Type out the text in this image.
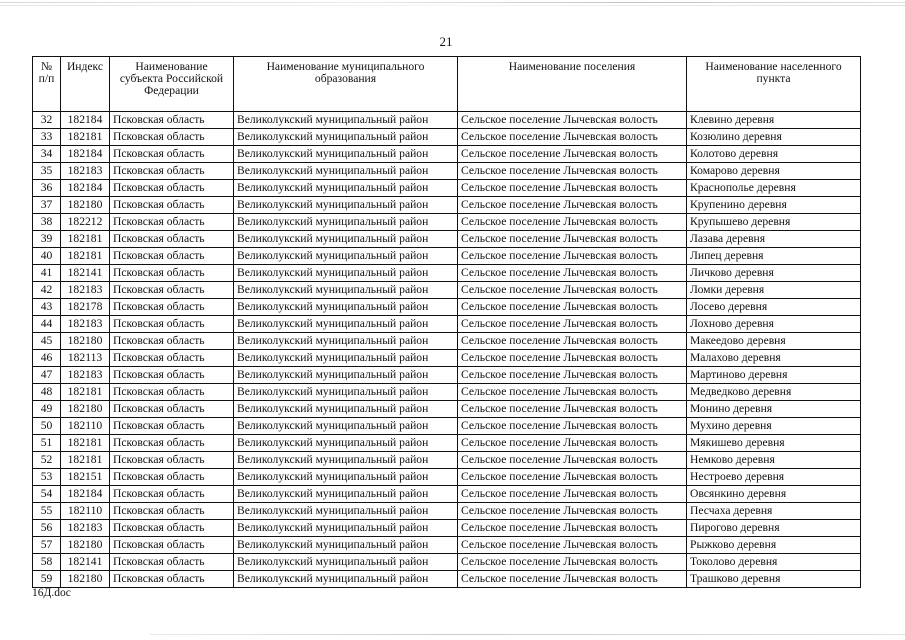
21
№ п/п	Индекс	Наименование субъекта Российской Федерации	Наименование муниципального образования	Наименование поселения	Наименование населенного пункта
32	182184	Псковская область	Великолукский муниципальный район	Сельское поселение Лычевская волость	Клевино деревня
33	182181	Псковская область	Великолукский муниципальный район	Сельское поселение Лычевская волость	Козюлино деревня
34	182184	Псковская область	Великолукский муниципальный район	Сельское поселение Лычевская волость	Колотово деревня
35	182183	Псковская область	Великолукский муниципальный район	Сельское поселение Лычевская волость	Комарово деревня
36	182184	Псковская область	Великолукский муниципальный район	Сельское поселение Лычевская волость	Краснополье деревня
37	182180	Псковская область	Великолукский муниципальный район	Сельское поселение Лычевская волость	Крупенино деревня
38	182212	Псковская область	Великолукский муниципальный район	Сельское поселение Лычевская волость	Крупышево деревня
39	182181	Псковская область	Великолукский муниципальный район	Сельское поселение Лычевская волость	Лазава деревня
40	182181	Псковская область	Великолукский муниципальный район	Сельское поселение Лычевская волость	Липец деревня
41	182141	Псковская область	Великолукский муниципальный район	Сельское поселение Лычевская волость	Личково деревня
42	182183	Псковская область	Великолукский муниципальный район	Сельское поселение Лычевская волость	Ломки деревня
43	182178	Псковская область	Великолукский муниципальный район	Сельское поселение Лычевская волость	Лосево деревня
44	182183	Псковская область	Великолукский муниципальный район	Сельское поселение Лычевская волость	Лохново деревня
45	182180	Псковская область	Великолукский муниципальный район	Сельское поселение Лычевская волость	Макеедово деревня
46	182113	Псковская область	Великолукский муниципальный район	Сельское поселение Лычевская волость	Малахово деревня
47	182183	Псковская область	Великолукский муниципальный район	Сельское поселение Лычевская волость	Мартиново деревня
48	182181	Псковская область	Великолукский муниципальный район	Сельское поселение Лычевская волость	Медведково деревня
49	182180	Псковская область	Великолукский муниципальный район	Сельское поселение Лычевская волость	Монино деревня
50	182110	Псковская область	Великолукский муниципальный район	Сельское поселение Лычевская волость	Мухино деревня
51	182181	Псковская область	Великолукский муниципальный район	Сельское поселение Лычевская волость	Мякишево деревня
52	182181	Псковская область	Великолукский муниципальный район	Сельское поселение Лычевская волость	Немково деревня
53	182151	Псковская область	Великолукский муниципальный район	Сельское поселение Лычевская волость	Нестроево деревня
54	182184	Псковская область	Великолукский муниципальный район	Сельское поселение Лычевская волость	Овсянкино деревня
55	182110	Псковская область	Великолукский муниципальный район	Сельское поселение Лычевская волость	Песчаха деревня
56	182183	Псковская область	Великолукский муниципальный район	Сельское поселение Лычевская волость	Пирогово деревня
57	182180	Псковская область	Великолукский муниципальный район	Сельское поселение Лычевская волость	Рыжково деревня
58	182141	Псковская область	Великолукский муниципальный район	Сельское поселение Лычевская волость	Токолово деревня
59	182180	Псковская область	Великолукский муниципальный район	Сельское поселение Лычевская волость	Трашково деревня
16Д.doc
